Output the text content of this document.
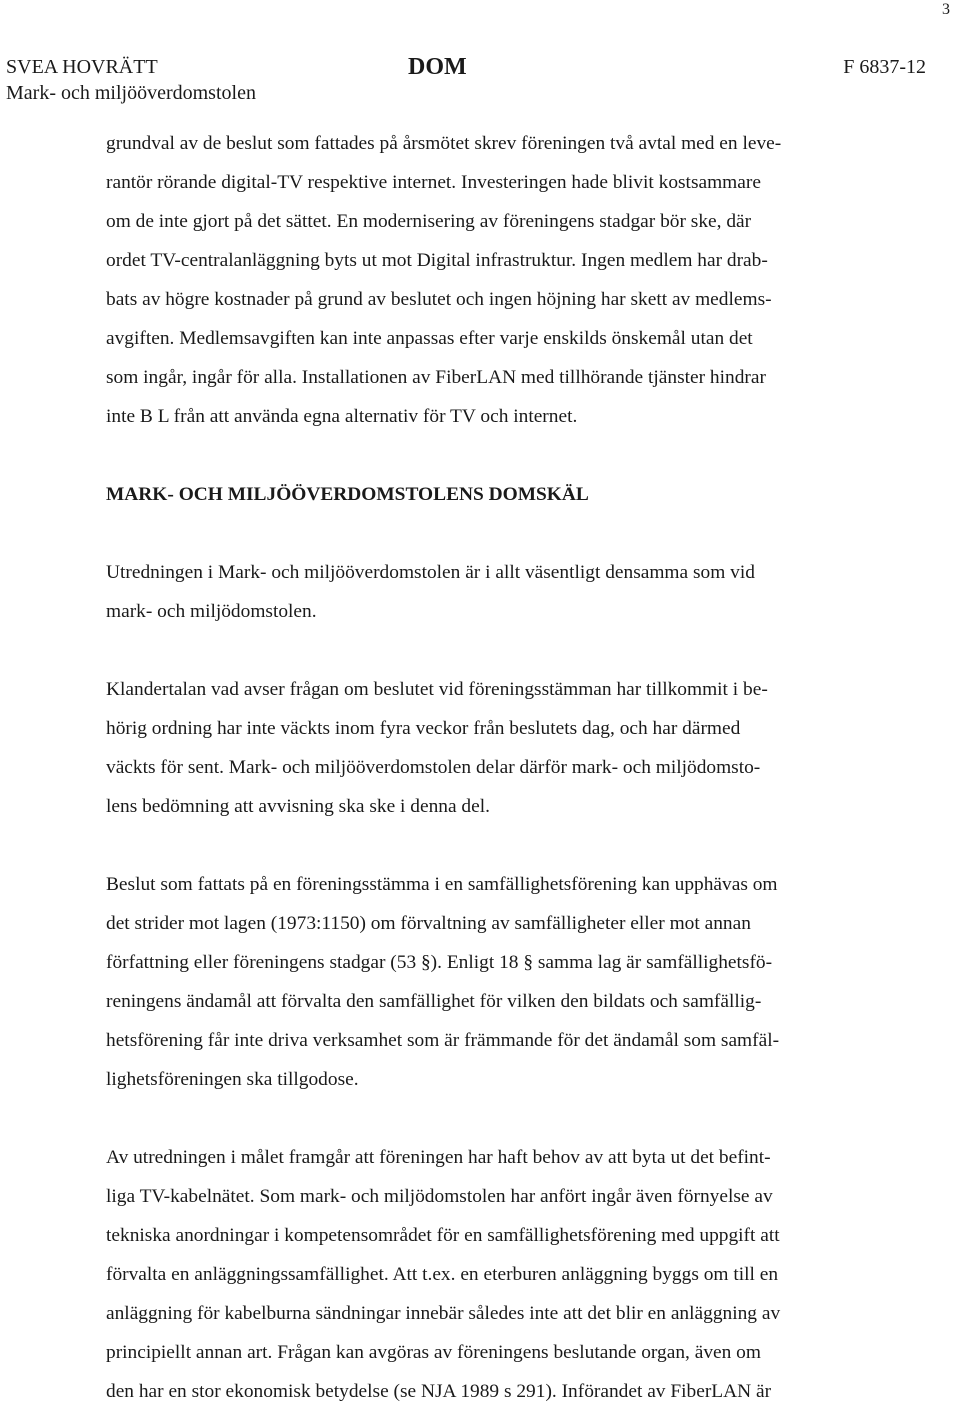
3
SVEA HOVRÄTT
Mark- och miljööverdomstolen
DOM	F 6837-12

grundval av de beslut som fattades på årsmötet skrev föreningen två avtal med en leve-
rantör rörande digital-TV respektive internet. Investeringen hade blivit kostsammare
om de inte gjort på det sättet. En modernisering av föreningens stadgar bör ske, där
ordet TV-centralanläggning byts ut mot Digital infrastruktur. Ingen medlem har drab-
bats av högre kostnader på grund av beslutet och ingen höjning har skett av medlems-
avgiften. Medlemsavgiften kan inte anpassas efter varje enskilds önskemål utan det
som ingår, ingår för alla. Installationen av FiberLAN med tillhörande tjänster hindrar
inte B L från att använda egna alternativ för TV och internet.

MARK- OCH MILJÖÖVERDOMSTOLENS DOMSKÄL

Utredningen i Mark- och miljööverdomstolen är i allt väsentligt densamma som vid
mark- och miljödomstolen.

Klandertalan vad avser frågan om beslutet vid föreningsstämman har tillkommit i be-
hörig ordning har inte väckts inom fyra veckor från beslutets dag, och har därmed
väckts för sent. Mark- och miljööverdomstolen delar därför mark- och miljödomsto-
lens bedömning att avvisning ska ske i denna del.

Beslut som fattats på en föreningsstämma i en samfällighetsförening kan upphävas om
det strider mot lagen (1973:1150) om förvaltning av samfälligheter eller mot annan
författning eller föreningens stadgar (53 §). Enligt 18 § samma lag är samfällighetsfö-
reningens ändamål att förvalta den samfällighet för vilken den bildats och samfällig-
hetsförening får inte driva verksamhet som är främmande för det ändamål som samfäl-
lighetsföreningen ska tillgodose.

Av utredningen i målet framgår att föreningen har haft behov av att byta ut det befint-
liga TV-kabelnätet. Som mark- och miljödomstolen har anfört ingår även förnyelse av
tekniska anordningar i kompetensområdet för en samfällighetsförening med uppgift att
förvalta en anläggningssamfällighet. Att t.ex. en eterburen anläggning byggs om till en
anläggning för kabelburna sändningar innebär således inte att det blir en anläggning av
principiellt annan art. Frågan kan avgöras av föreningens beslutande organ, även om
den har en stor ekonomisk betydelse (se NJA 1989 s 291). Införandet av FiberLAN är
